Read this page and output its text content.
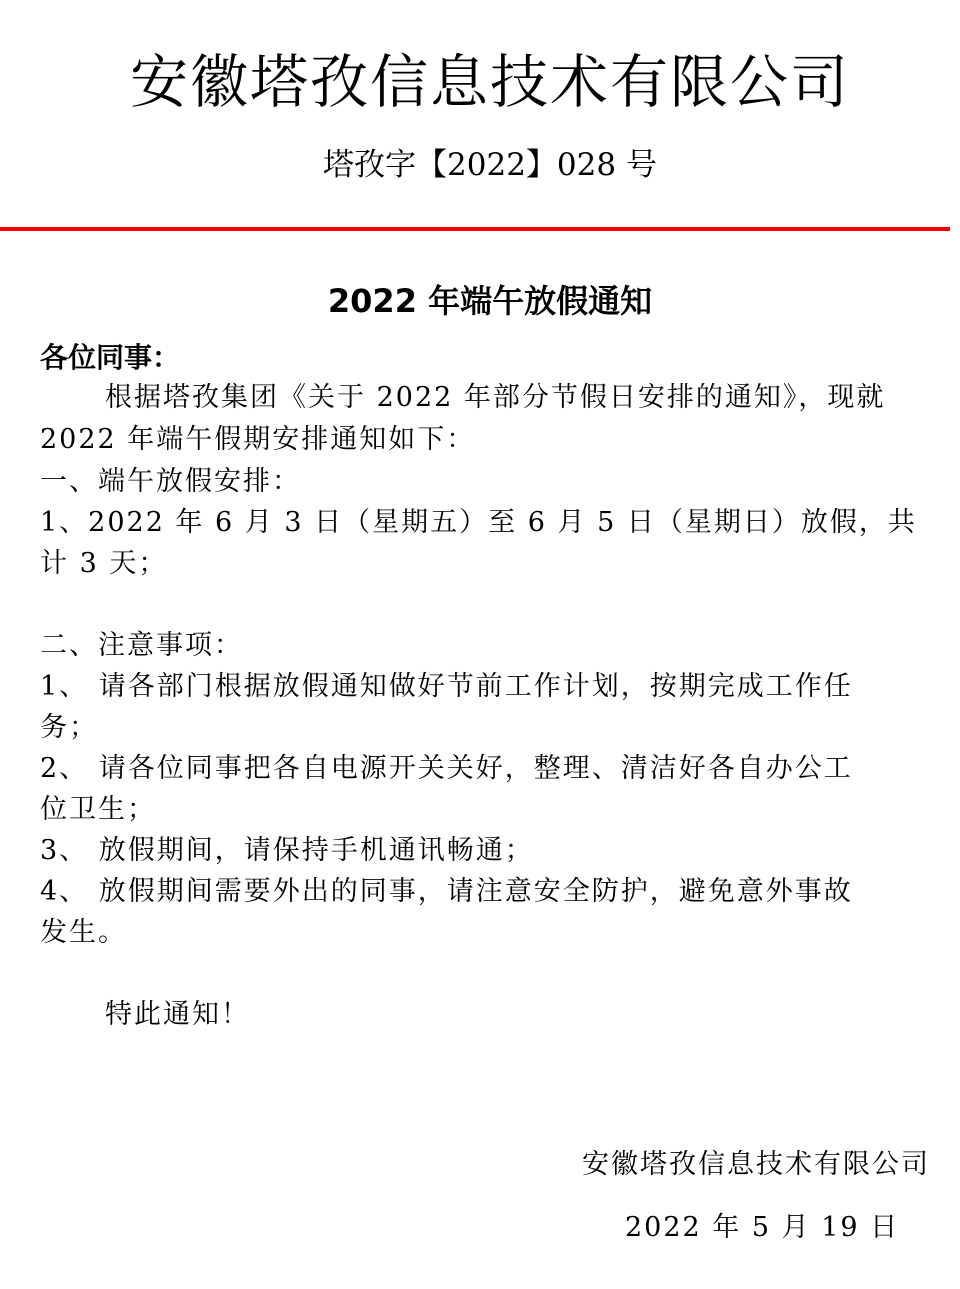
安徽塔孜信息技术有限公司
塔孜字【2022】028 号
2022 年端午放假通知
各位同事：
根据塔孜集团《关于 2022 年部分节假日安排的通知》，现就
2022 年端午假期安排通知如下：
一、端午放假安排：
1、2022 年 6 月 3 日（星期五）至 6 月 5 日（星期日）放假，共
计 3 天；
二、注意事项：
1、 请各部门根据放假通知做好节前工作计划，按期完成工作任
务；
2、 请各位同事把各自电源开关关好，整理、清洁好各自办公工
位卫生；
3、 放假期间，请保持手机通讯畅通；
4、 放假期间需要外出的同事，请注意安全防护，避免意外事故
发生。
特此通知！
安徽塔孜信息技术有限公司
2022 年 5 月 19 日
